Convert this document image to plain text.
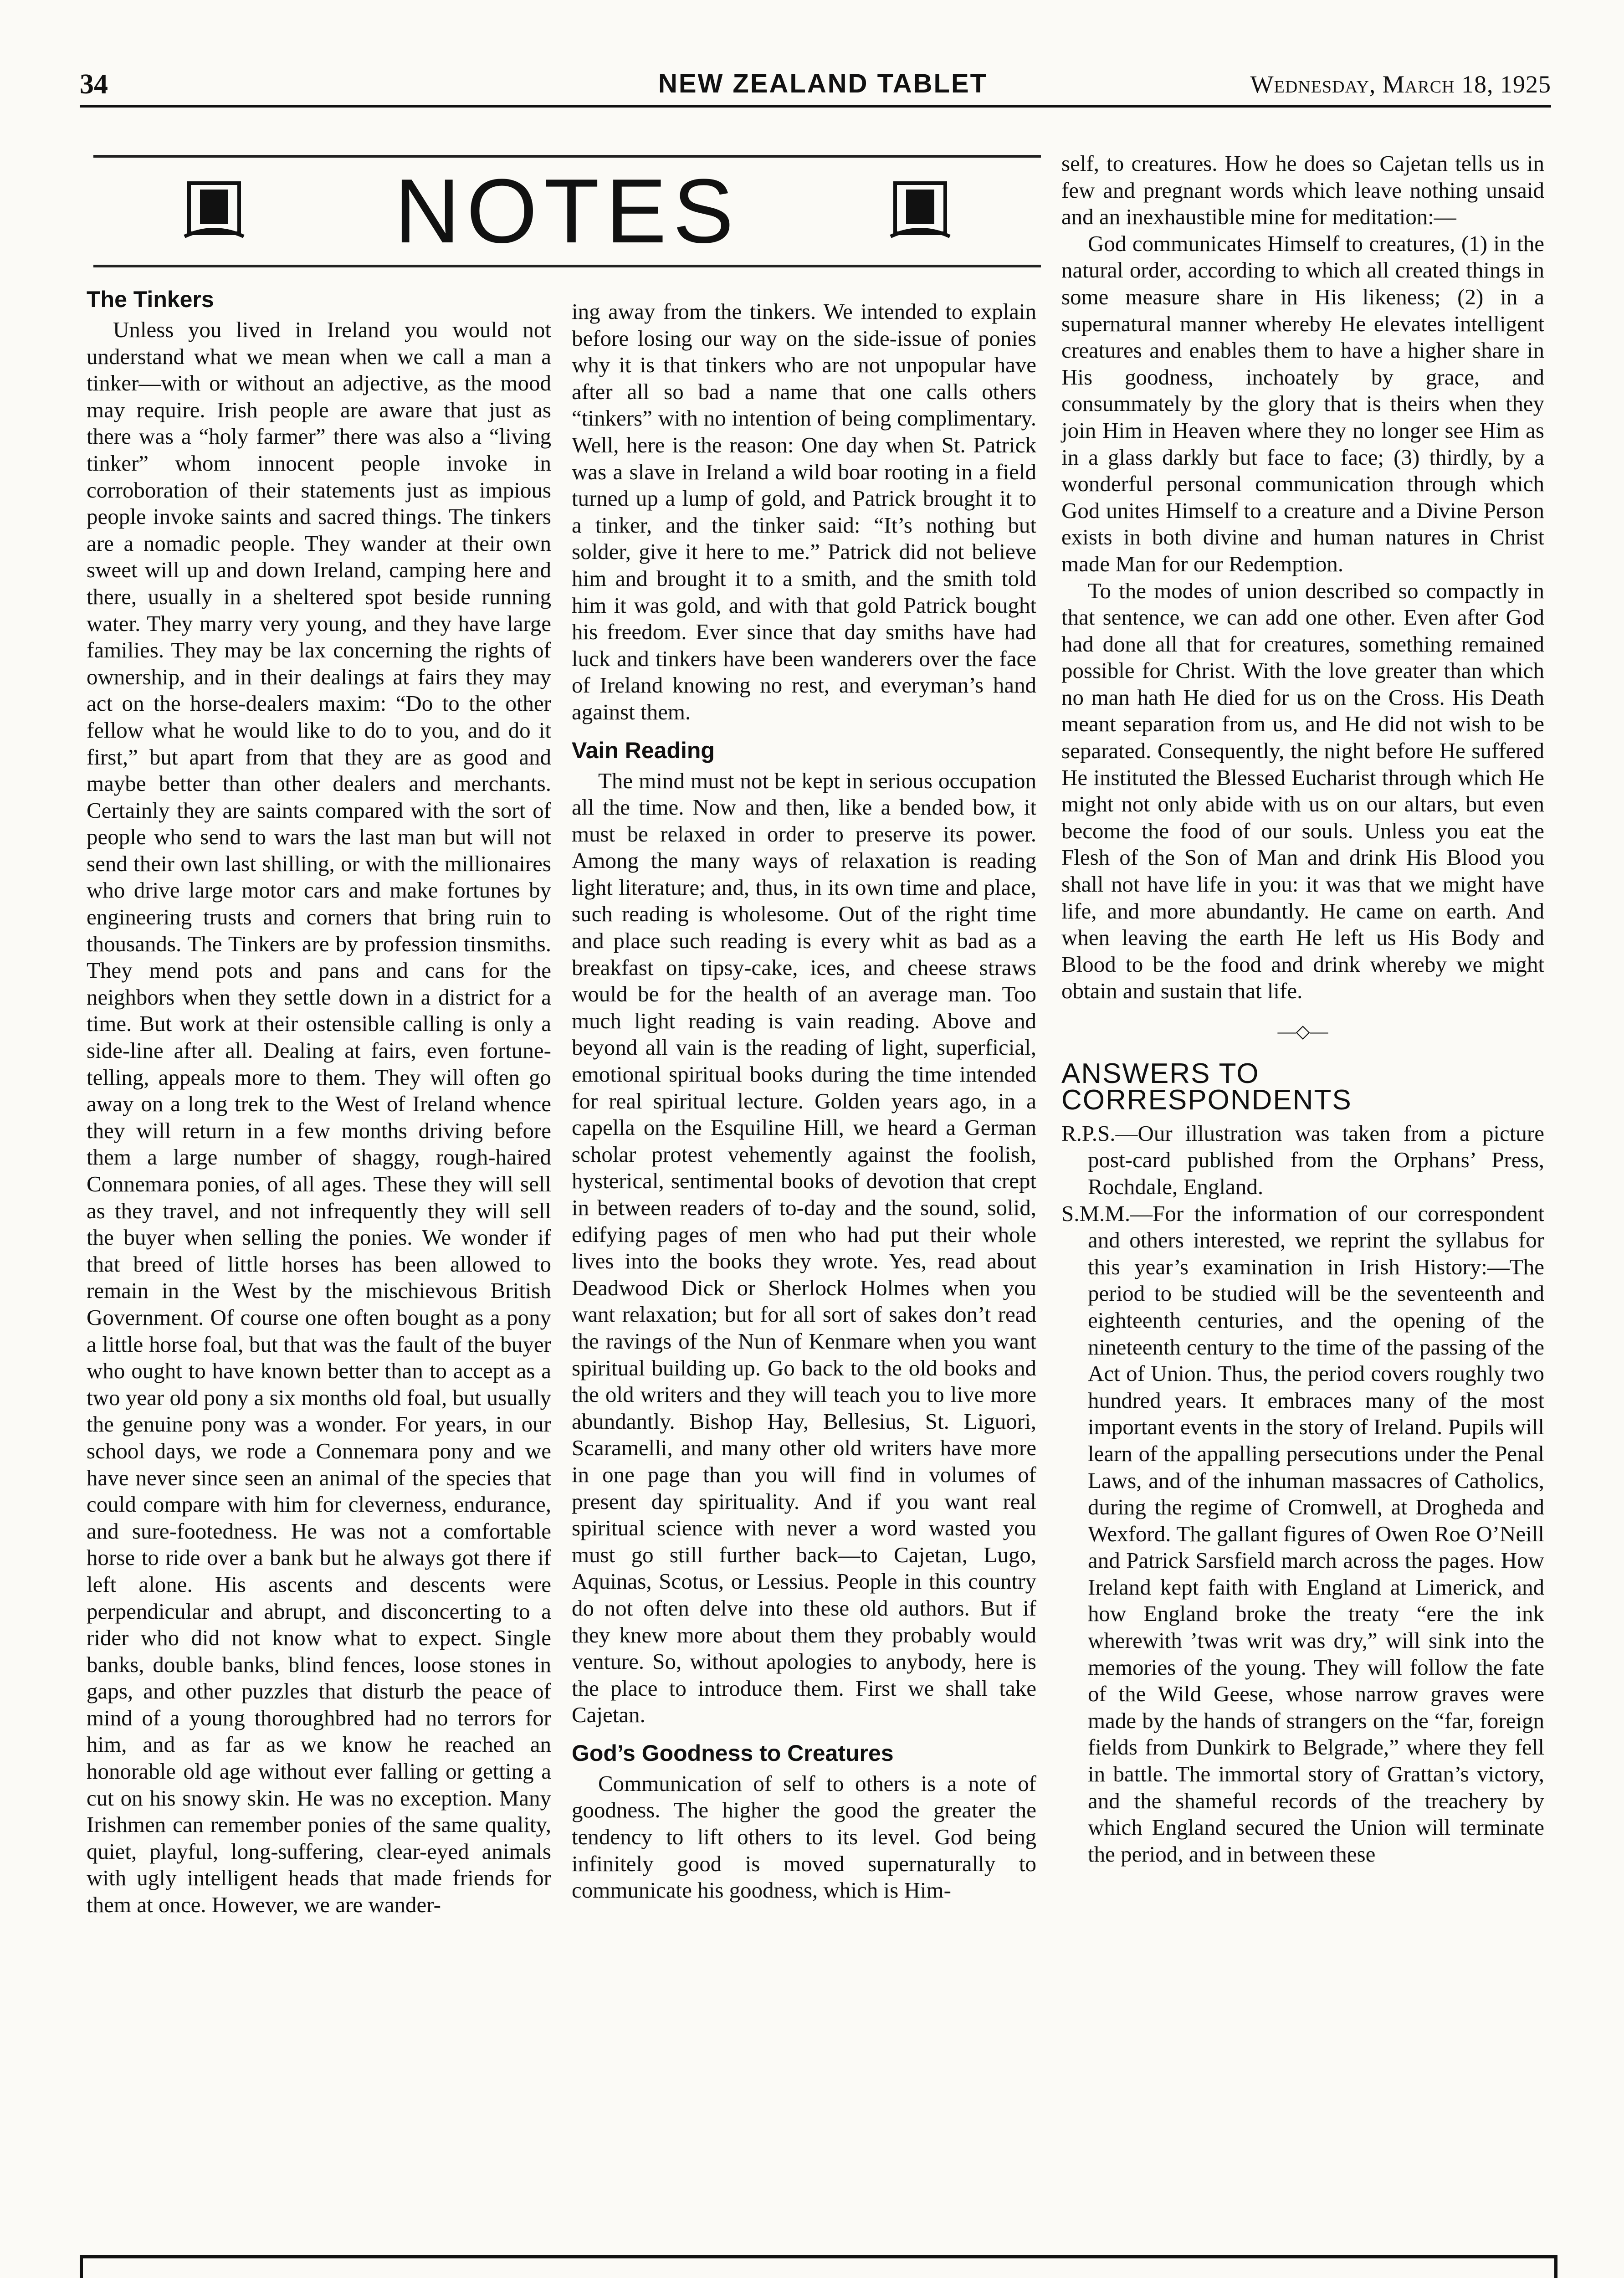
34	NEW ZEALAND TABLET	Wednesday, March 18, 1925
NOTES
The Tinkers

Unless you lived in Ireland you would not understand what we mean when we call a man a tinker—with or without an adjective, as the mood may require. Irish people are aware that just as there was a “holy farmer” there was also a “living tinker” whom innocent people invoke in corroboration of their statements just as impious people invoke saints and sacred things. The tinkers are a nomadic people. They wander at their own sweet will up and down Ireland, camping here and there, usually in a sheltered spot beside running water. They marry very young, and they have large families. They may be lax concerning the rights of ownership, and in their dealings at fairs they may act on the horse-dealers maxim: “Do to the other fellow what he would like to do to you, and do it first,” but apart from that they are as good and maybe better than other dealers and merchants. Certainly they are saints compared with the sort of people who send to wars the last man but will not send their own last shilling, or with the millionaires who drive large motor cars and make fortunes by engineering trusts and corners that bring ruin to thousands. The Tinkers are by profession tinsmiths. They mend pots and pans and cans for the neighbors when they settle down in a district for a time. But work at their ostensible calling is only a side-line after all. Dealing at fairs, even fortune-telling, appeals more to them. They will often go away on a long trek to the West of Ireland whence they will return in a few months driving before them a large number of shaggy, rough-haired Connemara ponies, of all ages. These they will sell as they travel, and not infrequently they will sell the buyer when selling the ponies. We wonder if that breed of little horses has been allowed to remain in the West by the mischievous British Government. Of course one often bought as a pony a little horse foal, but that was the fault of the buyer who ought to have known better than to accept as a two year old pony a six months old foal, but usually the genuine pony was a wonder. For years, in our school days, we rode a Connemara pony and we have never since seen an animal of the species that could compare with him for cleverness, endurance, and sure-footedness. He was not a comfortable horse to ride over a bank but he always got there if left alone. His ascents and descents were perpendicular and abrupt, and disconcerting to a rider who did not know what to expect. Single banks, double banks, blind fences, loose stones in gaps, and other puzzles that disturb the peace of mind of a young thoroughbred had no terrors for him, and as far as we know he reached an honorable old age without ever falling or getting a cut on his snowy skin. He was no exception. Many Irishmen can remember ponies of the same quality, quiet, playful, long-suffering, clear-eyed animals with ugly intelligent heads that made friends for them at once. However, we are wander-

ing away from the tinkers. We intended to explain before losing our way on the side-issue of ponies why it is that tinkers who are not unpopular have after all so bad a name that one calls others “tinkers” with no intention of being complimentary. Well, here is the reason: One day when St. Patrick was a slave in Ireland a wild boar rooting in a field turned up a lump of gold, and Patrick brought it to a tinker, and the tinker said: “It’s nothing but solder, give it here to me.” Patrick did not believe him and brought it to a smith, and the smith told him it was gold, and with that gold Patrick bought his freedom. Ever since that day smiths have had luck and tinkers have been wanderers over the face of Ireland knowing no rest, and everyman’s hand against them.

Vain Reading

The mind must not be kept in serious occupation all the time. Now and then, like a bended bow, it must be relaxed in order to preserve its power. Among the many ways of relaxation is reading light literature; and, thus, in its own time and place, such reading is wholesome. Out of the right time and place such reading is every whit as bad as a breakfast on tipsy-cake, ices, and cheese straws would be for the health of an average man. Too much light reading is vain reading. Above and beyond all vain is the reading of light, superficial, emotional spiritual books during the time intended for real spiritual lecture. Golden years ago, in a capella on the Esquiline Hill, we heard a German scholar protest vehemently against the foolish, hysterical, sentimental books of devotion that crept in between readers of to-day and the sound, solid, edifying pages of men who had put their whole lives into the books they wrote. Yes, read about Deadwood Dick or Sherlock Holmes when you want relaxation; but for all sort of sakes don’t read the ravings of the Nun of Kenmare when you want spiritual building up. Go back to the old books and the old writers and they will teach you to live more abundantly. Bishop Hay, Bellesius, St. Liguori, Scaramelli, and many other old writers have more in one page than you will find in volumes of present day spirituality. And if you want real spiritual science with never a word wasted you must go still further back—to Cajetan, Lugo, Aquinas, Scotus, or Lessius. People in this country do not often delve into these old authors. But if they knew more about them they probably would venture. So, without apologies to anybody, here is the place to introduce them. First we shall take Cajetan.

God’s Goodness to Creatures

Communication of self to others is a note of goodness. The higher the good the greater the tendency to lift others to its level. God being infinitely good is moved supernaturally to communicate his goodness, which is Him-

self, to creatures. How he does so Cajetan tells us in few and pregnant words which leave nothing unsaid and an inexhaustible mine for meditation:—

God communicates Himself to creatures, (1) in the natural order, according to which all created things in some measure share in His likeness; (2) in a supernatural manner whereby He elevates intelligent creatures and enables them to have a higher share in His goodness, inchoately by grace, and consummately by the glory that is theirs when they join Him in Heaven where they no longer see Him as in a glass darkly but face to face; (3) thirdly, by a wonderful personal communication through which God unites Himself to a creature and a Divine Person exists in both divine and human natures in Christ made Man for our Redemption.

To the modes of union described so compactly in that sentence, we can add one other. Even after God had done all that for creatures, something remained possible for Christ. With the love greater than which no man hath He died for us on the Cross. His Death meant separation from us, and He did not wish to be separated. Consequently, the night before He suffered He instituted the Blessed Eucharist through which He might not only abide with us on our altars, but even become the food of our souls. Unless you eat the Flesh of the Son of Man and drink His Blood you shall not have life in you: it was that we might have life, and more abundantly. He came on earth. And when leaving the earth He left us His Body and Blood to be the food and drink whereby we might obtain and sustain that life.

—◇—
ANSWERS TO CORRESPONDENTS

R.P.S.—Our illustration was taken from a picture post-card published from the Orphans’ Press, Rochdale, England.

S.M.M.—For the information of our correspondent and others interested, we reprint the syllabus for this year’s examination in Irish History:—The period to be studied will be the seventeenth and eighteenth centuries, and the opening of the nineteenth century to the time of the passing of the Act of Union. Thus, the period covers roughly two hundred years. It embraces many of the most important events in the story of Ireland. Pupils will learn of the appalling persecutions under the Penal Laws, and of the inhuman massacres of Catholics, during the regime of Cromwell, at Drogheda and Wexford. The gallant figures of Owen Roe O’Neill and Patrick Sarsfield march across the pages. How Ireland kept faith with England at Limerick, and how England broke the treaty “ere the ink wherewith ’twas writ was dry,” will sink into the memories of the young. They will follow the fate of the Wild Geese, whose narrow graves were made by the hands of strangers on the “far, foreign fields from Dunkirk to Belgrade,” where they fell in battle. The immortal story of Grattan’s victory, and the shameful records of the treachery by which England secured the Union will terminate the period, and in between these
